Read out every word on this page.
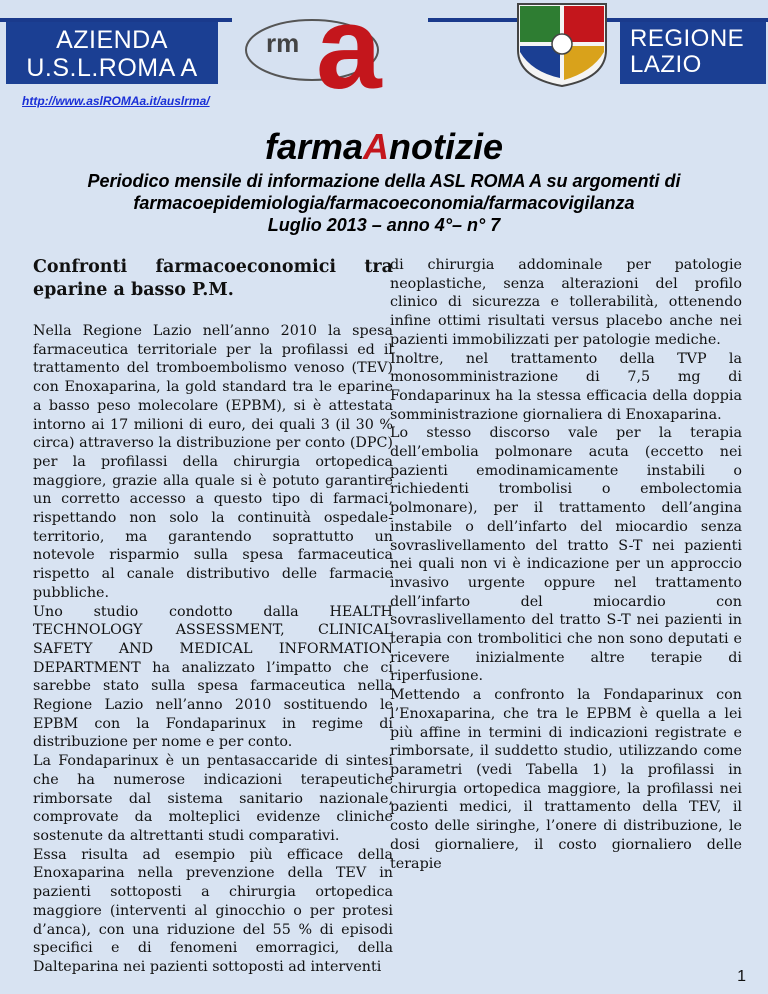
AZIENDA
U.S.L.ROMA A
rm a	REGIONE
LAZIO
http://www.aslROMAa.it/auslrma/
farmaAnotizie
Periodico mensile di informazione della ASL ROMA A su argomenti di
farmacoepidemiologia/farmacoeconomia/farmacovigilanza
Luglio 2013 – anno 4°– n° 7
Confronti farmacoeconomici tra
eparine a basso P.M.
Nella Regione Lazio nell’anno 2010 la spesa farmaceutica territoriale per la profilassi ed il trattamento del tromboembolismo venoso (TEV) con Enoxaparina, la gold standard tra le eparine a basso peso molecolare (EPBM), si è attestata intorno ai 17 milioni di euro, dei quali 3 (il 30 % circa) attraverso la distribuzione per conto (DPC) per la profilassi della chirurgia ortopedica maggiore, grazie alla quale si è potuto garantire un corretto accesso a questo tipo di farmaci, rispettando non solo la continuità ospedale-territorio, ma garantendo soprattutto un notevole risparmio sulla spesa farmaceutica rispetto al canale distributivo delle farmacie pubbliche.
Uno studio condotto dalla HEALTH TECHNOLOGY ASSESSMENT, CLINICAL SAFETY AND MEDICAL INFORMATION DEPARTMENT ha analizzato l’impatto che ci sarebbe stato sulla spesa farmaceutica nella Regione Lazio nell’anno 2010 sostituendo le EPBM con la Fondaparinux in regime di distribuzione per nome e per conto.
La Fondaparinux è un pentasaccaride di sintesi che ha numerose indicazioni terapeutiche rimborsate dal sistema sanitario nazionale, comprovate da molteplici evidenze cliniche sostenute da altrettanti studi comparativi.
Essa risulta ad esempio più efficace della Enoxaparina nella prevenzione della TEV in pazienti sottoposti a chirurgia ortopedica maggiore (interventi al ginocchio o per protesi d’anca), con una riduzione del 55 % di episodi specifici e di fenomeni emorragici, della Dalteparina nei pazienti sottoposti ad interventi
di chirurgia addominale per patologie neoplastiche, senza alterazioni del profilo clinico di sicurezza e tollerabilità, ottenendo infine ottimi risultati versus placebo anche nei pazienti immobilizzati per patologie mediche.
Inoltre, nel trattamento della TVP la monosomministrazione di 7,5 mg di Fondaparinux ha la stessa efficacia della doppia somministrazione giornaliera di Enoxaparina.
Lo stesso discorso vale per la terapia dell’embolia polmonare acuta (eccetto nei pazienti emodinamicamente instabili o richiedenti trombolisi o embolectomia polmonare), per il trattamento dell’angina instabile o dell’infarto del miocardio senza sovraslivellamento del tratto S-T nei pazienti nei quali non vi è indicazione per un approccio invasivo urgente oppure nel trattamento dell’infarto del miocardio con sovraslivellamento del tratto S-T nei pazienti in terapia con trombolitici che non sono deputati e ricevere inizialmente altre terapie di riperfusione.
Mettendo a confronto la Fondaparinux con l’Enoxaparina, che tra le EPBM è quella a lei più affine in termini di indicazioni registrate e rimborsate, il suddetto studio, utilizzando come parametri (vedi Tabella 1) la profilassi in chirurgia ortopedica maggiore, la profilassi nei pazienti medici, il trattamento della TEV, il costo delle siringhe, l’onere di distribuzione, le dosi giornaliere, il costo giornaliero delle terapie
1
